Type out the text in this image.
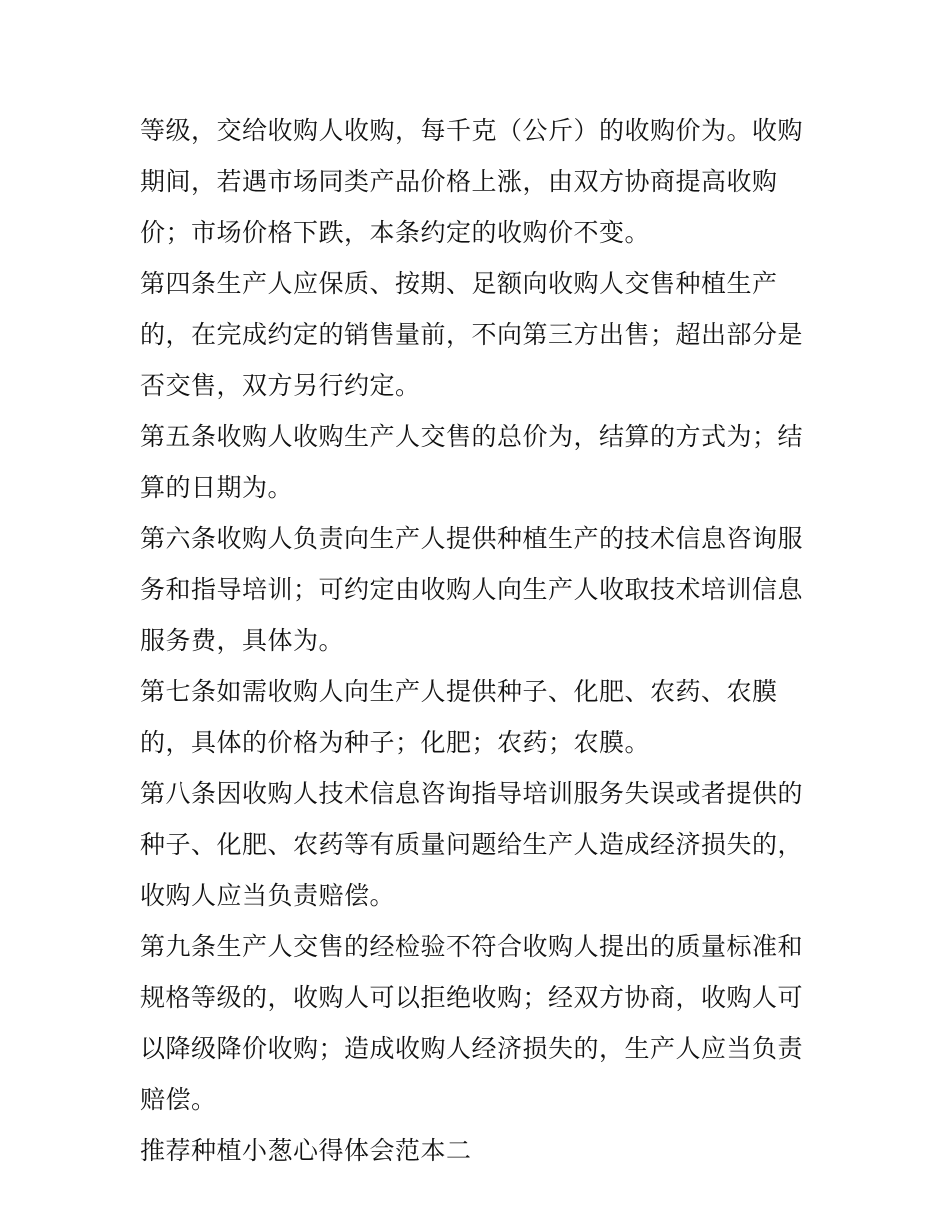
等级，交给收购人收购，每千克（公斤）的收购价为。收购期间，若遇市场同类产品价格上涨，由双方协商提高收购价；市场价格下跌，本条约定的收购价不变。

第四条生产人应保质、按期、足额向收购人交售种植生产的，在完成约定的销售量前，不向第三方出售；超出部分是否交售，双方另行约定。

第五条收购人收购生产人交售的总价为，结算的方式为；结算的日期为。

第六条收购人负责向生产人提供种植生产的技术信息咨询服务和指导培训；可约定由收购人向生产人收取技术培训信息服务费，具体为。

第七条如需收购人向生产人提供种子、化肥、农药、农膜的，具体的价格为种子；化肥；农药；农膜。

第八条因收购人技术信息咨询指导培训服务失误或者提供的种子、化肥、农药等有质量问题给生产人造成经济损失的，收购人应当负责赔偿。

第九条生产人交售的经检验不符合收购人提出的质量标准和规格等级的，收购人可以拒绝收购；经双方协商，收购人可以降级降价收购；造成收购人经济损失的，生产人应当负责赔偿。

推荐种植小葱心得体会范本二
